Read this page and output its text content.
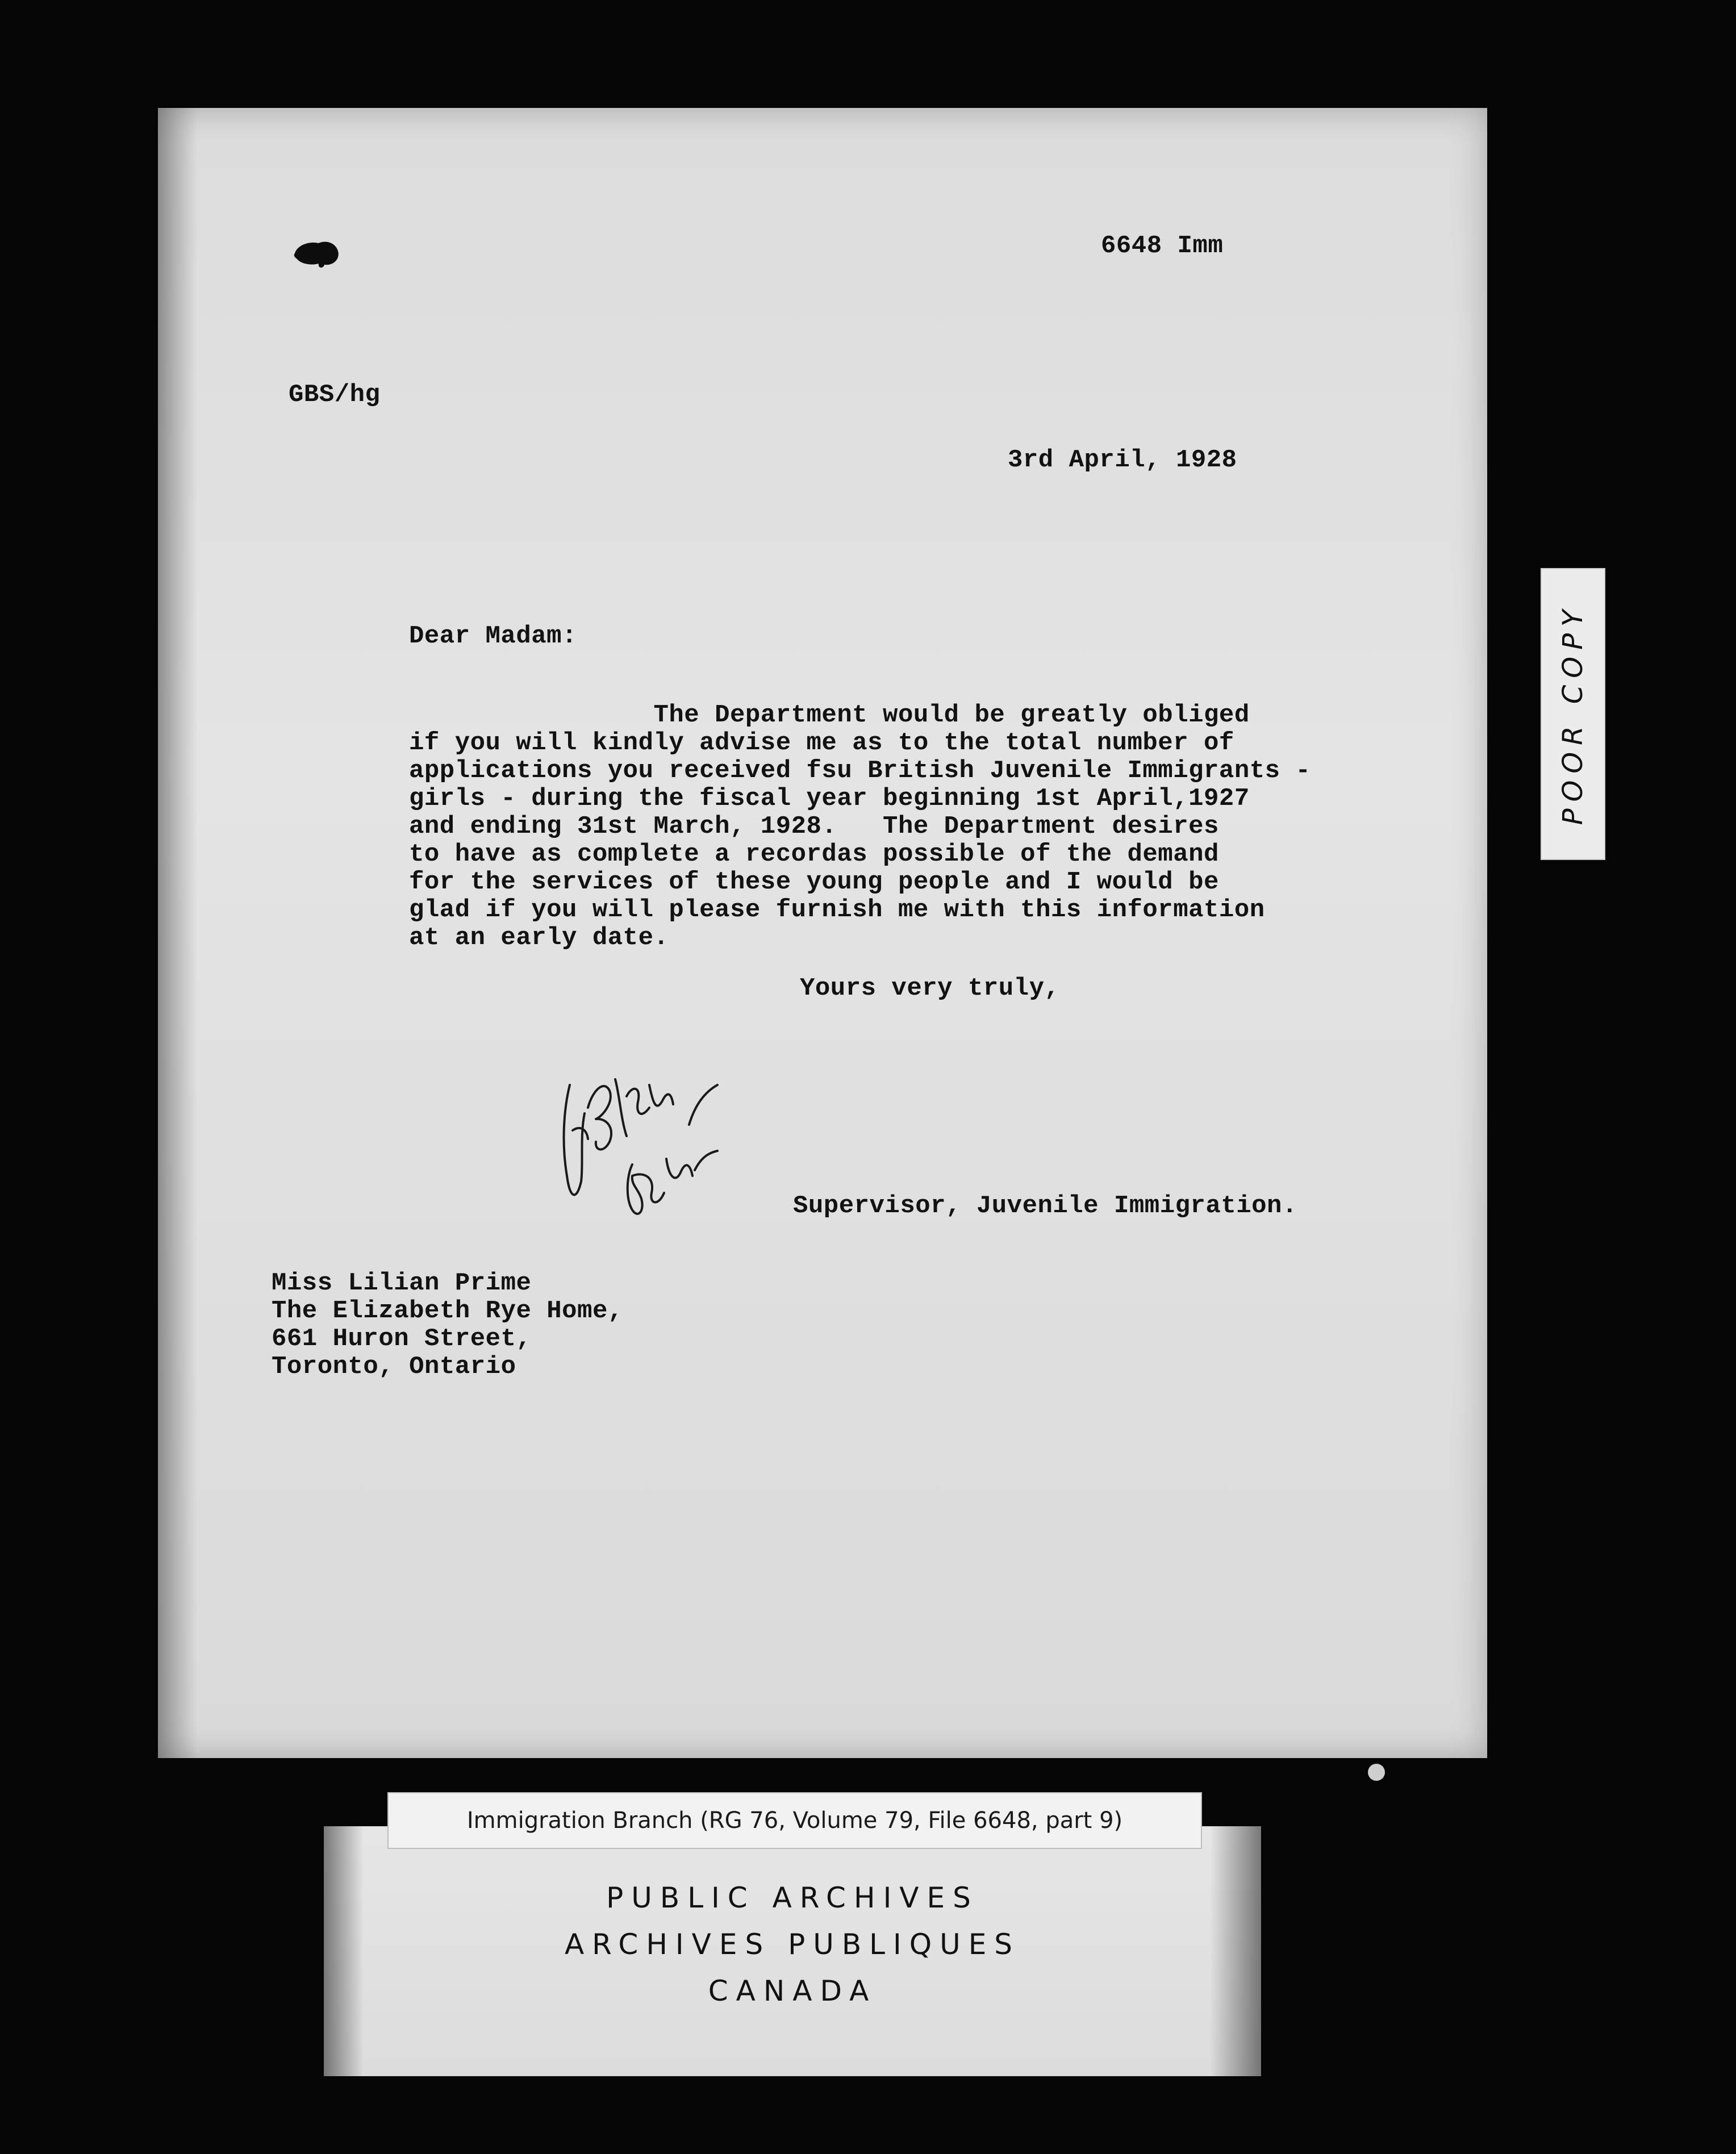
6648 Imm
GBS/hg
3rd April, 1928
Dear Madam:
The Department would be greatly obliged
if you will kindly advise me as to the total number of
applications you received fsu British Juvenile Immigrants -
girls - during the fiscal year beginning 1st April,1927
and ending 31st March, 1928.   The Department desires
to have as complete a recordas possible of the demand
for the services of these young people and I would be
glad if you will please furnish me with this information
at an early date.
Yours very truly,
Supervisor, Juvenile Immigration.
Miss Lilian Prime
The Elizabeth Rye Home,
661 Huron Street,
Toronto, Ontario
POOR COPY
Immigration Branch (RG 76, Volume 79, File 6648, part 9)
PUBLIC ARCHIVES
ARCHIVES PUBLIQUES
CANADA
